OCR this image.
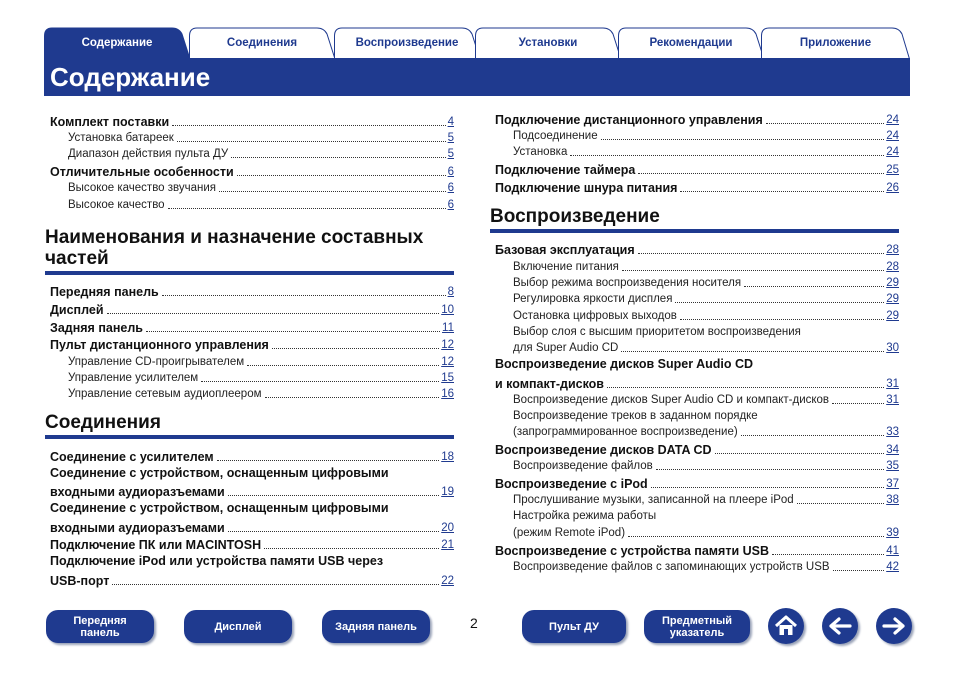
Содержание	Соединения	Воспроизведение	Установки	Рекомендации	Приложение
Содержание
Комплект поставки	4
Установка батареек	5
Диапазон действия пульта ДУ	5
Отличительные особенности	6
Высокое качество звучания	6
Высокое качество	6
Наименования и назначение составных
частей
Передняя панель	8
Дисплей	10
Задняя панель	11
Пульт дистанционного управления	12
Управление CD-проигрывателем	12
Управление усилителем	15
Управление сетевым аудиоплеером	16
Соединения
Соединение с усилителем	18
Соединение с устройством, оснащенным цифровыми
входными аудиоразъемами	19
Соединение с устройством, оснащенным цифровыми
входными аудиоразъемами	20
Подключение ПК или MACINTOSH	21
Подключение iPod или устройства памяти USB через
USB-порт	22
Подключение дистанционного управления	24
Подсоединение	24
Установка	24
Подключение таймера	25
Подключение шнура питания	26
Воспроизведение
Базовая эксплуатация	28
Включение питания	28
Выбор режима воспроизведения носителя	29
Регулировка яркости дисплея	29
Остановка цифровых выходов	29
Выбор слоя с высшим приоритетом воспроизведения
для Super Audio CD	30
Воспроизведение дисков Super Audio CD
и компакт-дисков	31
Воспроизведение дисков Super Audio CD и компакт-дисков	31
Воспроизведение треков в заданном порядке
(запрограммированное воспроизведение)	33
Воспроизведение дисков DATA CD	34
Воспроизведение файлов	35
Воспроизведение с iPod	37
Прослушивание музыки, записанной на плеере iPod	38
Настройка режима работы
(режим Remote iPod)	39
Воспроизведение с устройства памяти USB	41
Воспроизведение файлов с запоминающих устройств USB	42
Передняя
панель	Дисплей	Задняя панель	2	Пульт ДУ	Предметный
указатель
